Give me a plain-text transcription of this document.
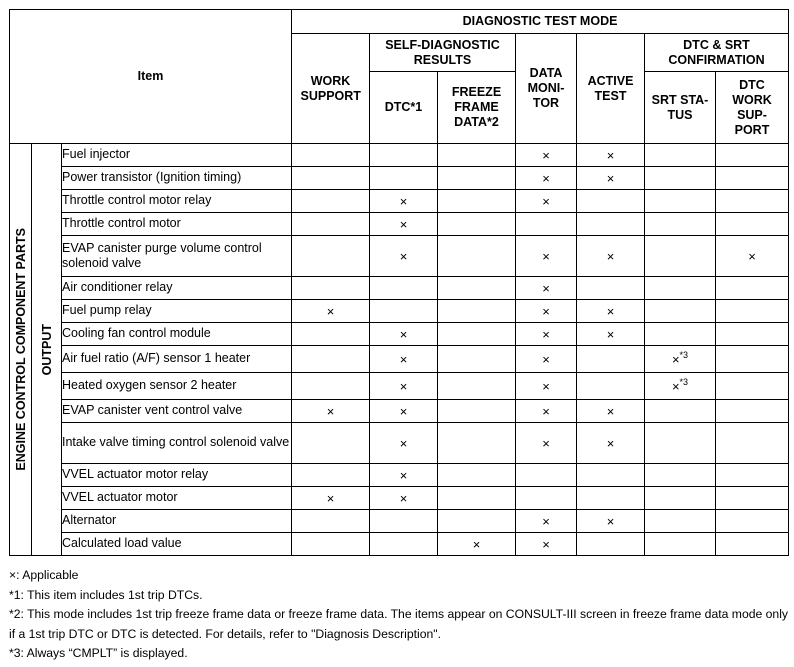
Item			DIAGNOSTIC TEST MODE						
			WORK SUPPORT	SELF-DIAGNOSTIC RESULTS		DATA MONI-TOR	ACTIVE TEST	DTC & SRT CONFIRMATION	
				DTC*1	FREEZE FRAME DATA*2			SRT STA-TUS	DTC WORK SUP-PORT

ENGINE CONTROL COMPONENT PARTS	OUTPUT	Fuel injector				×	×		
		Power transistor (Ignition timing)				×	×		
		Throttle control motor relay		×		×			
		Throttle control motor		×					
		EVAP canister purge volume control solenoid valve		×		×	×		×
		Air conditioner relay				×			
		Fuel pump relay	×			×	×		
		Cooling fan control module		×		×	×		
		Air fuel ratio (A/F) sensor 1 heater		×		×		×$^{*3}$	
		Heated oxygen sensor 2 heater		×		×		×$^{*3}$	
		EVAP canister vent control valve	×	×		×	×		
		Intake valve timing control solenoid valve		×		×	×		
		VVEL actuator motor relay		×					
		VVEL actuator motor	×	×					
		Alternator				×	×		
		Calculated load value			×	×			

×: Applicable

*1: This item includes 1st trip DTCs.

*2: This mode includes 1st trip freeze frame data or freeze frame data. The items appear on CONSULT-III screen in freeze frame data mode only if a 1st trip DTC or DTC is detected. For details, refer to "Diagnosis Description".

*3: Always “CMPLT” is displayed.
